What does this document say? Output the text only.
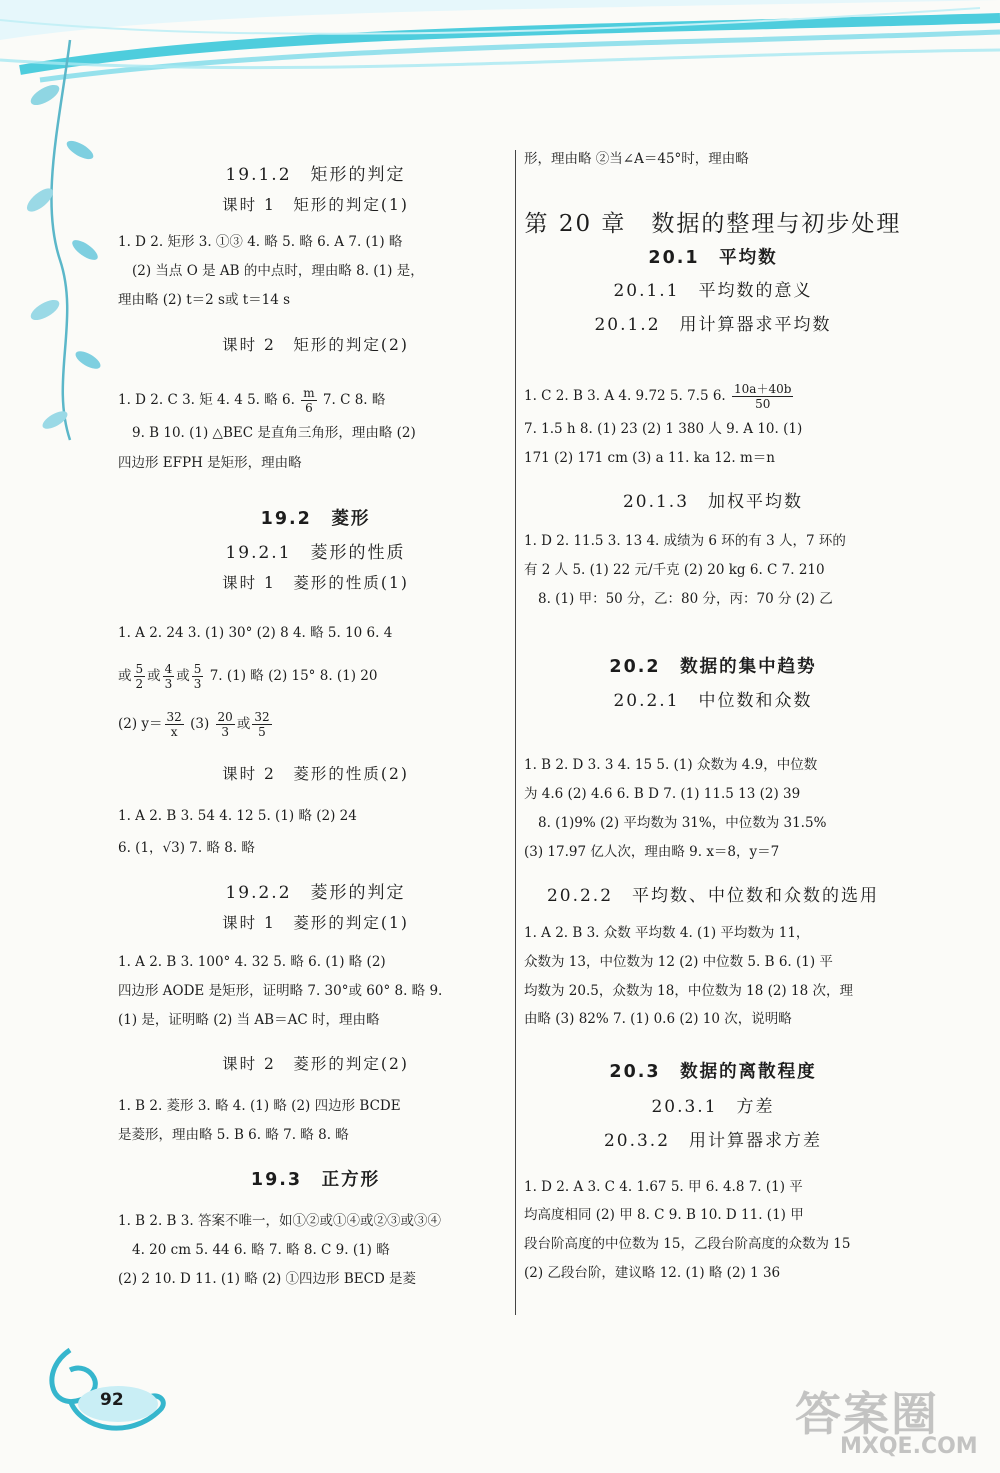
92	答案圈
MXQE.COM
19.1.2　矩形的判定
课时 1　矩形的判定(1)
1. D 2. 矩形 3. ①③ 4. 略 5. 略 6. A 7. (1) 略
(2) 当点 O 是 AB 的中点时，理由略 8. (1) 是，
理由略 (2) t＝2 s或 t＝14 s
课时 2　矩形的判定(2)
1. D 2. C 3. 矩 4. 4 5. 略 6. $\frac{m}{6} 7$. C 8. 略
9. B 10. (1) △BEC 是直角三角形，理由略 (2)
四边形 EFPH 是矩形，理由略
19.2　菱形
19.2.1　菱形的性质
课时 1　菱形的性质(1)
1. A 2. 24 3. (1) 30° (2) 8 4. 略 5. 10 6. 4
或 $\frac{5}{2}$ 或 $\frac{4}{3}$ 或 $\frac{5}{3} 7$. (1) 略 (2) 15° 8. (1) 20
(2) $y= \frac{32}{x} (3) \frac{20}{3}$ 或 $\frac{32}{5}$
课时 2　菱形的性质(2)
1. A 2. B 3. 54 4. 12 5. (1) 略 (2) 24
6. (1，√3) 7. 略 8. 略
19.2.2　菱形的判定
课时 1　菱形的判定(1)
1. A 2. B 3. 100° 4. 32 5. 略 6. (1) 略 (2)
四边形 AODE 是矩形，证明略 7. 30°或 60° 8. 略 9.
(1) 是，证明略 (2) 当 AB＝AC 时，理由略
课时 2　菱形的判定(2)
1. B 2. 菱形 3. 略 4. (1) 略 (2) 四边形 BCDE
是菱形，理由略 5. B 6. 略 7. 略 8. 略
19.3　正方形
1. B 2. B 3. 答案不唯一，如①②或①④或②③或③④
4. 20 cm 5. 44 6. 略 7. 略 8. C 9. (1) 略
(2) 2 10. D 11. (1) 略 (2) ①四边形 BECD 是菱
形，理由略 ②当∠A＝45°时，理由略
第 20 章　数据的整理与初步处理
20.1　平均数
20.1.1　平均数的意义
20.1.2　用计算器求平均数
1. C 2. B 3. A 4. 9.72 5. 7.5 6. $\frac{10a+40b}{50}$
7. 1.5 h 8. (1) 23 (2) 1 380 人 9. A 10. (1)
171 (2) 171 cm (3) a 11. ka 12. m＝n
20.1.3　加权平均数
1. D 2. 11.5 3. 13 4. 成绩为 6 环的有 3 人，7 环的
有 2 人 5. (1) 22 元/千克 (2) 20 kg 6. C 7. 210
8. (1) 甲：50 分，乙：80 分，丙：70 分 (2) 乙
20.2　数据的集中趋势
20.2.1　中位数和众数
1. B 2. D 3. 3 4. 15 5. (1) 众数为 4.9，中位数
为 4.6 (2) 4.6 6. B D 7. (1) 11.5 13 (2) 39
8. (1)9% (2) 平均数为 31%，中位数为 31.5%
(3) 17.97 亿人次，理由略 9. x＝8，y＝7
20.2.2　平均数、中位数和众数的选用
1. A 2. B 3. 众数 平均数 4. (1) 平均数为 11，
众数为 13，中位数为 12 (2) 中位数 5. B 6. (1) 平
均数为 20.5，众数为 18，中位数为 18 (2) 18 次，理
由略 (3) 82% 7. (1) 0.6 (2) 10 次，说明略
20.3　数据的离散程度
20.3.1　方差
20.3.2　用计算器求方差
1. D 2. A 3. C 4. 1.67 5. 甲 6. 4.8 7. (1) 平
均高度相同 (2) 甲 8. C 9. B 10. D 11. (1) 甲
段台阶高度的中位数为 15，乙段台阶高度的众数为 15
(2) 乙段台阶，建议略 12. (1) 略 (2) 1 36
